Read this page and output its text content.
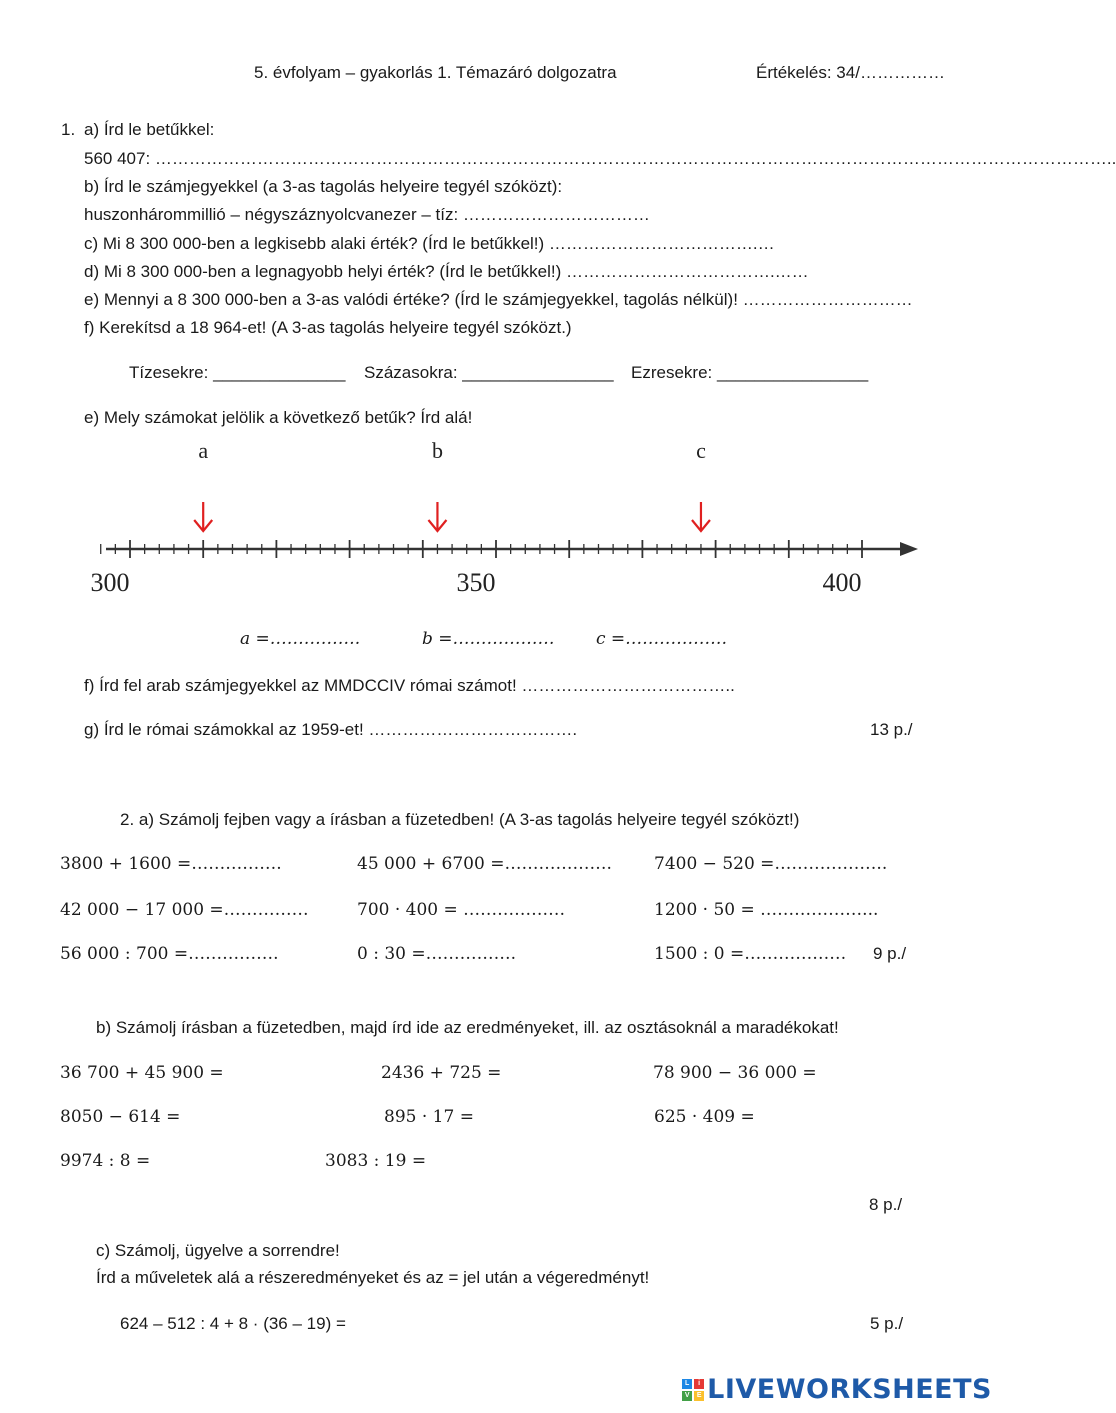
5. évfolyam – gyakorlás 1. Témazáró dolgozatra	Értékelés: 34/……………
1. a) Írd le betűkkel:
560 407: ……………………………………………………………………………………………………………………………………………………..
b) Írd le számjegyekkel (a 3-as tagolás helyeire tegyél szóközt):
huszonhárommillió – négyszáznyolcvanezer – tíz: ……………………………
c) Mi 8 300 000-ben a legkisebb alaki érték? (Írd le betűkkel!) ……………………………….…
d) Mi 8 300 000-ben a legnagyobb helyi érték? (Írd le betűkkel!) ……………………………….……
e) Mennyi a 8 300 000-ben a 3-as valódi értéke? (Írd le számjegyekkel, tagolás nélkül)! …………………………
f) Kerekítsd a 18 964-et! (A 3-as tagolás helyeire tegyél szóközt.)
Tízesekre: ______________ Százasokra: ________________ Ezresekre: ________________
e) Mely számokat jelölik a következő betűk? Írd alá!
300	350	400
a	b	c
a =…………….	b =……………… c =………………
f) Írd fel arab számjegyekkel az MMDCCIV római számot! ………………………………..
g) Írd le római számokkal az 1959-et! ……………………………….	13 p./
2. a) Számolj fejben vagy a írásban a füzetedben! (A 3-as tagolás helyeire tegyél szóközt!)
3800 + 1600 =…………….	45 000 + 6700 =………………. 7400 − 520 =………………..
42 000 − 17 000 =……………	700 · 400 = ………………	1200 · 50 = ………………...
56 000 : 700 =…………….	0 : 30 =…………….	1500 : 0 =……………… 9 p./
b) Számolj írásban a füzetedben, majd írd ide az eredményeket, ill. az osztásoknál a maradékokat!
36 700 + 45 900 =	2436 + 725 =	78 900 − 36 000 =
8050 − 614 =	895 · 17 =	625 · 409 =
9974 : 8 =	3083 : 19 =
8 p./
c) Számolj, ügyelve a sorrendre!
Írd a műveletek alá a részeredményeket és az = jel után a végeredményt!
624 – 512 : 4 + 8 · (36 – 19) =	5 p./
L	i
V	E LIVEWORKSHEETS
